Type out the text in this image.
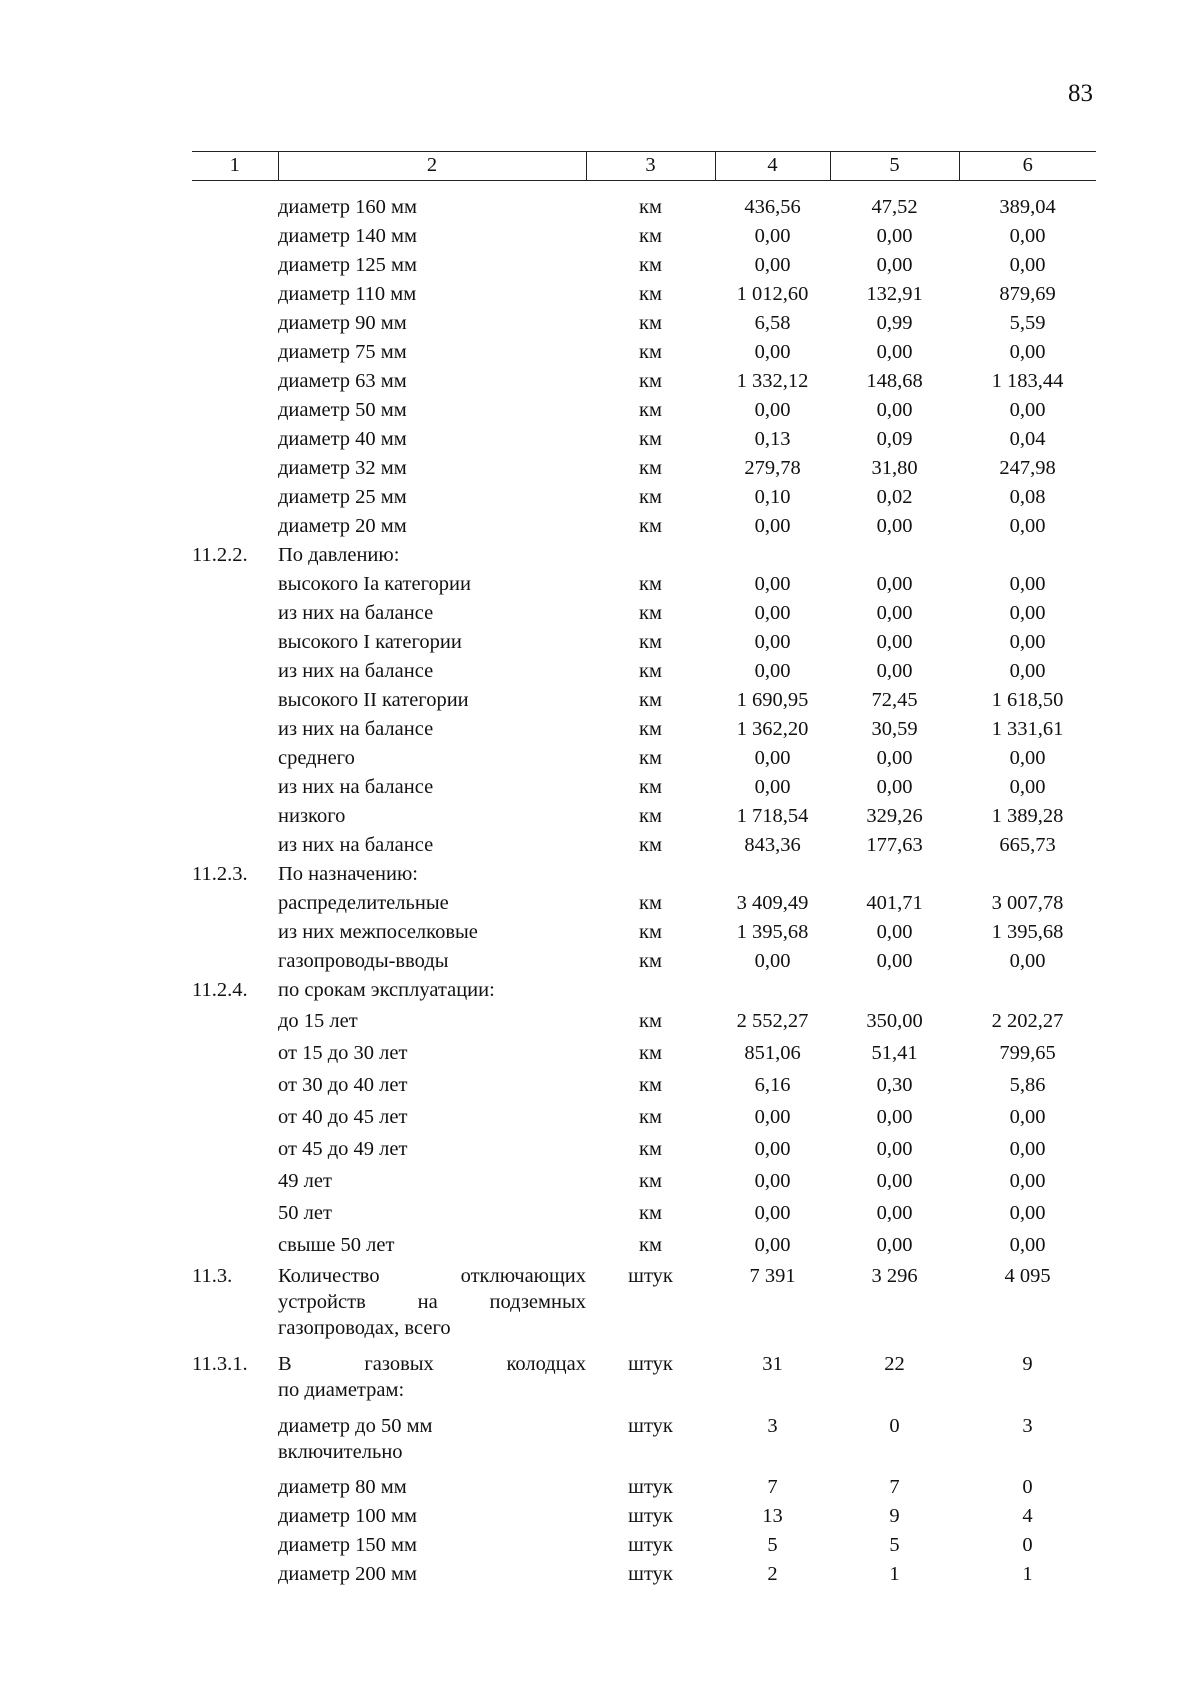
83
1	2	3	4	5	6

	диаметр 160 мм	км	436,56	47,52	389,04
	диаметр 140 мм	км	0,00	0,00	0,00
	диаметр 125 мм	км	0,00	0,00	0,00
	диаметр 110 мм	км	1 012,60	132,91	879,69
	диаметр 90 мм	км	6,58	0,99	5,59
	диаметр 75 мм	км	0,00	0,00	0,00
	диаметр 63 мм	км	1 332,12	148,68	1 183,44
	диаметр 50 мм	км	0,00	0,00	0,00
	диаметр 40 мм	км	0,13	0,09	0,04
	диаметр 32 мм	км	279,78	31,80	247,98
	диаметр 25 мм	км	0,10	0,02	0,08
	диаметр 20 мм	км	0,00	0,00	0,00
11.2.2.	По давлению:				
	высокого Ia категории	км	0,00	0,00	0,00
	из них на балансе	км	0,00	0,00	0,00
	высокого I категории	км	0,00	0,00	0,00
	из них на балансе	км	0,00	0,00	0,00
	высокого II категории	км	1 690,95	72,45	1 618,50
	из них на балансе	км	1 362,20	30,59	1 331,61
	среднего	км	0,00	0,00	0,00
	из них на балансе	км	0,00	0,00	0,00
	низкого	км	1 718,54	329,26	1 389,28
	из них на балансе	км	843,36	177,63	665,73
11.2.3.	По назначению:				
	распределительные	км	3 409,49	401,71	3 007,78
	из них межпоселковые	км	1 395,68	0,00	1 395,68
	газопроводы-вводы	км	0,00	0,00	0,00
11.2.4.	по срокам эксплуатации:				
	до 15 лет	км	2 552,27	350,00	2 202,27
	от 15 до 30 лет	км	851,06	51,41	799,65
	от 30 до 40 лет	км	6,16	0,30	5,86
	от 40 до 45 лет	км	0,00	0,00	0,00
	от 45 до 49 лет	км	0,00	0,00	0,00
	49 лет	км	0,00	0,00	0,00
	50 лет	км	0,00	0,00	0,00
	свыше 50 лет	км	0,00	0,00	0,00
11.3.	Количество отключающих
устройств на подземных
газопроводах, всего	штук	7 391	3 296	4 095
11.3.1.	В газовых колодцах
по диаметрам:	штук	31	22	9

	диаметр до 50 мм
включительно	штук	3	0	3

	диаметр 80 мм	штук	7	7	0

	диаметр 100 мм	штук	13	9	4

	диаметр 150 мм	штук	5	5	0

	диаметр 200 мм	штук	2	1	1
